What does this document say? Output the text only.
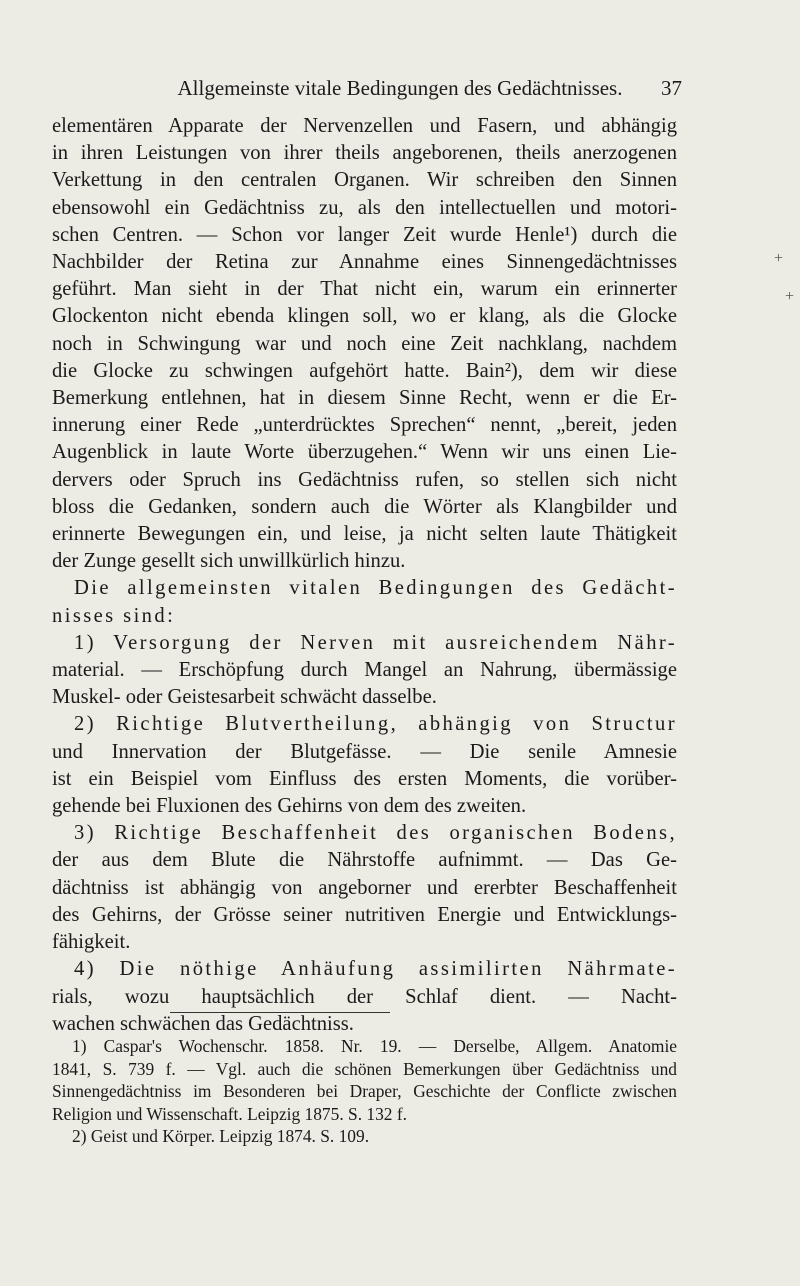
Allgemeinste vitale Bedingungen des Gedächtnisses.	37
+
+
elementären Apparate der Nervenzellen und Fasern, und abhängig
in ihren Leistungen von ihrer theils angeborenen, theils anerzogenen
Verkettung in den centralen Organen. Wir schreiben den Sinnen
ebensowohl ein Gedächtniss zu, als den intellectuellen und motori-
schen Centren. — Schon vor langer Zeit wurde Henle¹) durch die
Nachbilder der Retina zur Annahme eines Sinnengedächtnisses
geführt. Man sieht in der That nicht ein, warum ein erinnerter
Glockenton nicht ebenda klingen soll, wo er klang, als die Glocke
noch in Schwingung war und noch eine Zeit nachklang, nachdem
die Glocke zu schwingen aufgehört hatte. Bain²), dem wir diese
Bemerkung entlehnen, hat in diesem Sinne Recht, wenn er die Er-
innerung einer Rede „unterdrücktes Sprechen“ nennt, „bereit, jeden
Augenblick in laute Worte überzugehen.“ Wenn wir uns einen Lie-
dervers oder Spruch ins Gedächtniss rufen, so stellen sich nicht
bloss die Gedanken, sondern auch die Wörter als Klangbilder und
erinnerte Bewegungen ein, und leise, ja nicht selten laute Thätigkeit
der Zunge gesellt sich unwillkürlich hinzu.
Die allgemeinsten vitalen Bedingungen des Gedächt-
nisses sind:
1) Versorgung der Nerven mit ausreichendem Nähr-
material. — Erschöpfung durch Mangel an Nahrung, übermässige
Muskel- oder Geistesarbeit schwächt dasselbe.
2) Richtige Blutvertheilung, abhängig von Structur
und Innervation der Blutgefässe. — Die senile Amnesie
ist ein Beispiel vom Einfluss des ersten Moments, die vorüber-
gehende bei Fluxionen des Gehirns von dem des zweiten.
3) Richtige Beschaffenheit des organischen Bodens,
der aus dem Blute die Nährstoffe aufnimmt. — Das Ge-
dächtniss ist abhängig von angeborner und ererbter Beschaffenheit
des Gehirns, der Grösse seiner nutritiven Energie und Entwicklungs-
fähigkeit.
4) Die nöthige Anhäufung assimilirten Nährmate-
rials, wozu hauptsächlich der Schlaf dient. — Nacht-
wachen schwächen das Gedächtniss.
1) Caspar's Wochenschr. 1858. Nr. 19. — Derselbe, Allgem. Anatomie
1841, S. 739 f. — Vgl. auch die schönen Bemerkungen über Gedächtniss und
Sinnengedächtniss im Besonderen bei Draper, Geschichte der Conflicte zwischen
Religion und Wissenschaft. Leipzig 1875. S. 132 f.
2) Geist und Körper. Leipzig 1874. S. 109.
